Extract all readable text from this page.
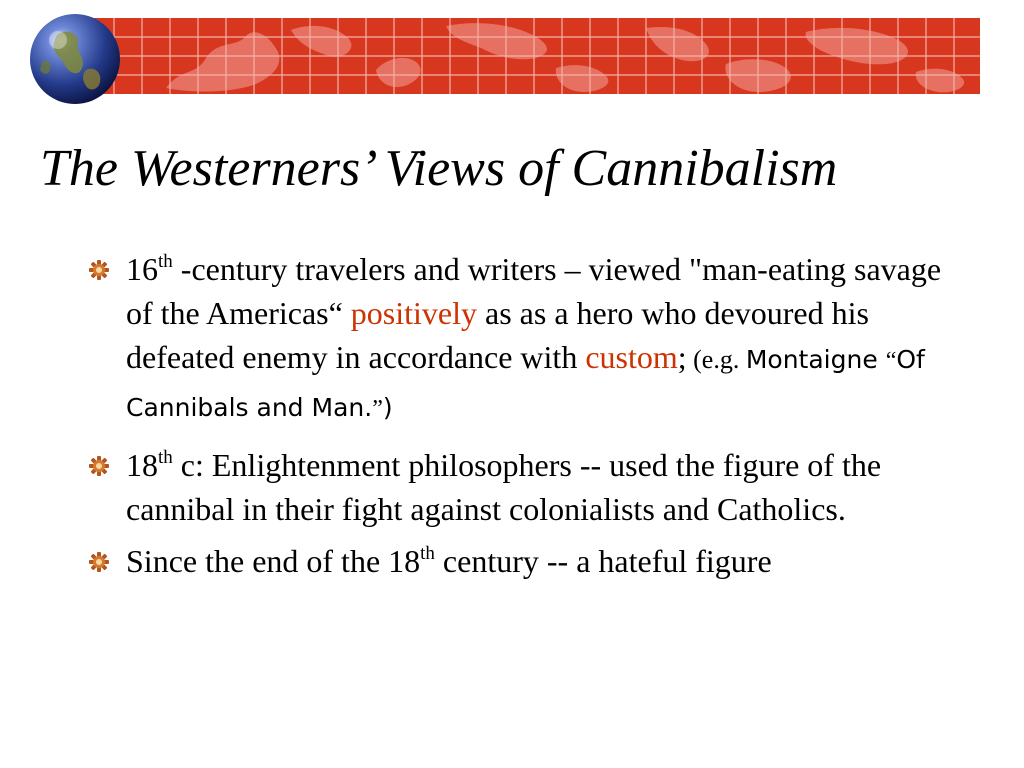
The Westerners’ Views of Cannibalism
16th -century travelers and writers – viewed "man-eating savage of the Americas“ positively as as a hero who devoured his defeated enemy in accordance with custom; (e.g. Montaigne “Of Cannibals and Man.”)
18th c: Enlightenment philosophers -- used the figure of the cannibal in their fight against colonialists and Catholics.
Since the end of the 18th century -- a hateful figure
